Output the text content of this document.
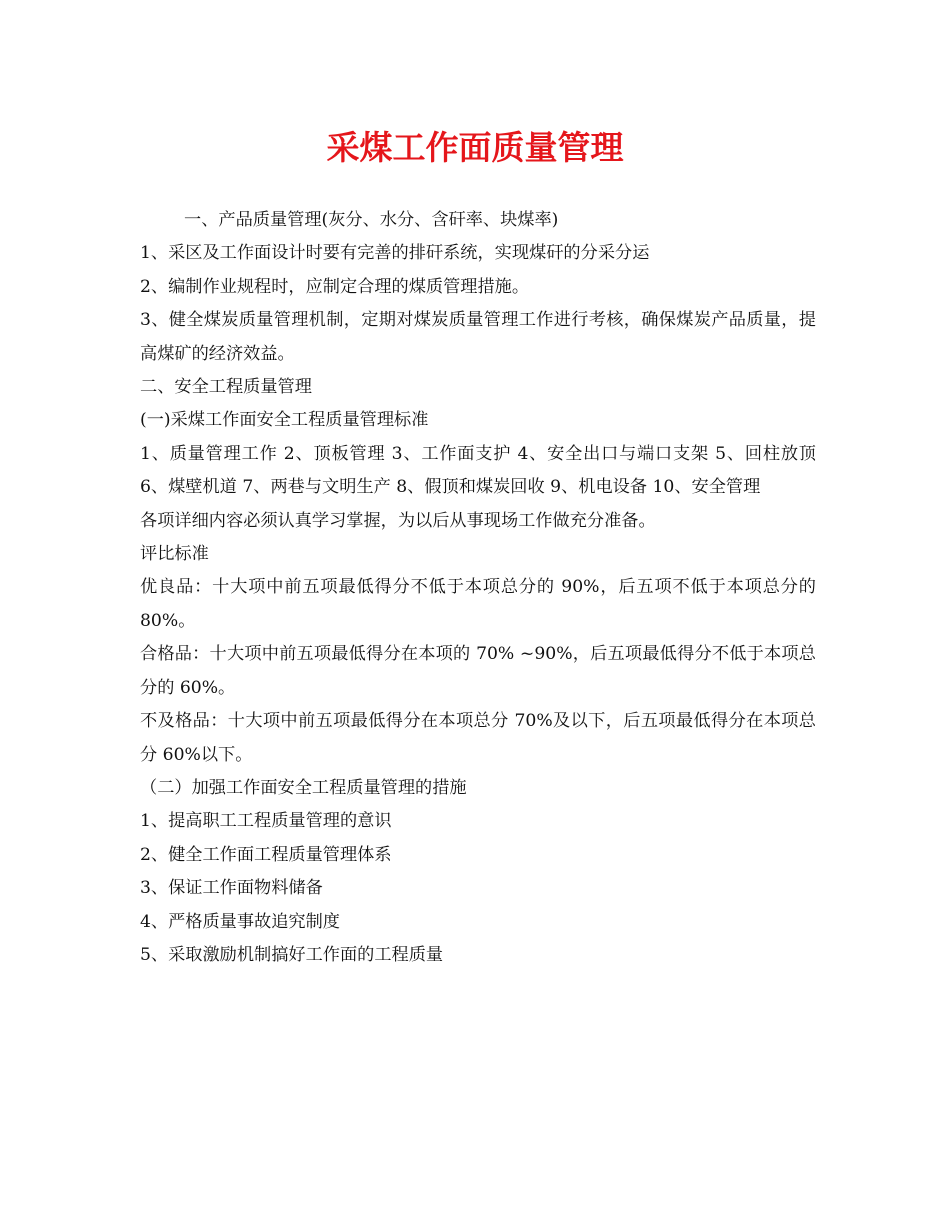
采煤工作面质量管理

一、产品质量管理(灰分、水分、含矸率、块煤率)

1、采区及工作面设计时要有完善的排矸系统，实现煤矸的分采分运

2、编制作业规程时，应制定合理的煤质管理措施。

3、健全煤炭质量管理机制，定期对煤炭质量管理工作进行考核，确保煤炭产品质量，提高煤矿的经济效益。

二、安全工程质量管理

(一)采煤工作面安全工程质量管理标准

1、质量管理工作 2、顶板管理 3、工作面支护 4、安全出口与端口支架 5、回柱放顶 6、煤壁机道 7、两巷与文明生产 8、假顶和煤炭回收 9、机电设备 10、安全管理

各项详细内容必须认真学习掌握，为以后从事现场工作做充分准备。

评比标准

优良品：十大项中前五项最低得分不低于本项总分的 90%，后五项不低于本项总分的 80%。

合格品：十大项中前五项最低得分在本项的 70% ~90%，后五项最低得分不低于本项总分的 60%。

不及格品：十大项中前五项最低得分在本项总分 70%及以下，后五项最低得分在本项总分 60%以下。

（二）加强工作面安全工程质量管理的措施

1、提高职工工程质量管理的意识

2、健全工作面工程质量管理体系

3、保证工作面物料储备

4、严格质量事故追究制度

5、采取激励机制搞好工作面的工程质量
